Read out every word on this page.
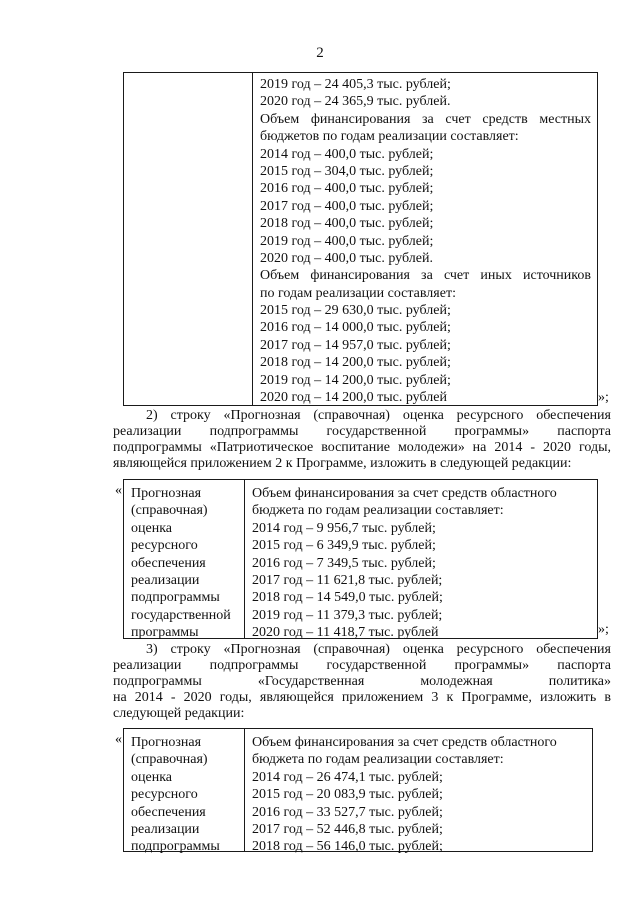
2
2019 год – 24 405,3 тыс. рублей;
2020 год – 24 365,9 тыс. рублей.
Объем финансирования за счет средств местных
бюджетов по годам реализации составляет:
2014 год – 400,0 тыс. рублей;
2015 год – 304,0 тыс. рублей;
2016 год – 400,0 тыс. рублей;
2017 год – 400,0 тыс. рублей;
2018 год – 400,0 тыс. рублей;
2019 год – 400,0 тыс. рублей;
2020 год – 400,0 тыс. рублей.
Объем финансирования за счет иных источников
по годам реализации составляет:
2015 год – 29 630,0 тыс. рублей;
2016 год – 14 000,0 тыс. рублей;
2017 год – 14 957,0 тыс. рублей;
2018 год – 14 200,0 тыс. рублей;
2019 год – 14 200,0 тыс. рублей;
2020 год – 14 200,0 тыс. рублей	»;
2) строку «Прогнозная (справочная) оценка ресурсного обеспечения
реализации подпрограммы государственной программы» паспорта
подпрограммы «Патриотическое воспитание молодежи» на 2014 - 2020 годы,
являющейся приложением 2 к Программе, изложить в следующей редакции:
« Прогнозная
(справочная)
оценка
ресурсного
обеспечения
реализации
подпрограммы
государственной
программы
Объем финансирования за счет средств областного
бюджета по годам реализации составляет:
2014 год – 9 956,7 тыс. рублей;
2015 год – 6 349,9 тыс. рублей;
2016 год – 7 349,5 тыс. рублей;
2017 год – 11 621,8 тыс. рублей;
2018 год – 14 549,0 тыс. рублей;
2019 год – 11 379,3 тыс. рублей;
2020 год – 11 418,7 тыс. рублей	»;
3) строку «Прогнозная (справочная) оценка ресурсного обеспечения
реализации подпрограммы государственной программы» паспорта
подпрограммы «Государственная молодежная политика»
на 2014 - 2020 годы, являющейся приложением 3 к Программе, изложить в
следующей редакции:
« Прогнозная
(справочная)
оценка
ресурсного
обеспечения
реализации
подпрограммы
Объем финансирования за счет средств областного
бюджета по годам реализации составляет:
2014 год – 26 474,1 тыс. рублей;
2015 год – 20 083,9 тыс. рублей;
2016 год – 33 527,7 тыс. рублей;
2017 год – 52 446,8 тыс. рублей;
2018 год – 56 146,0 тыс. рублей;
